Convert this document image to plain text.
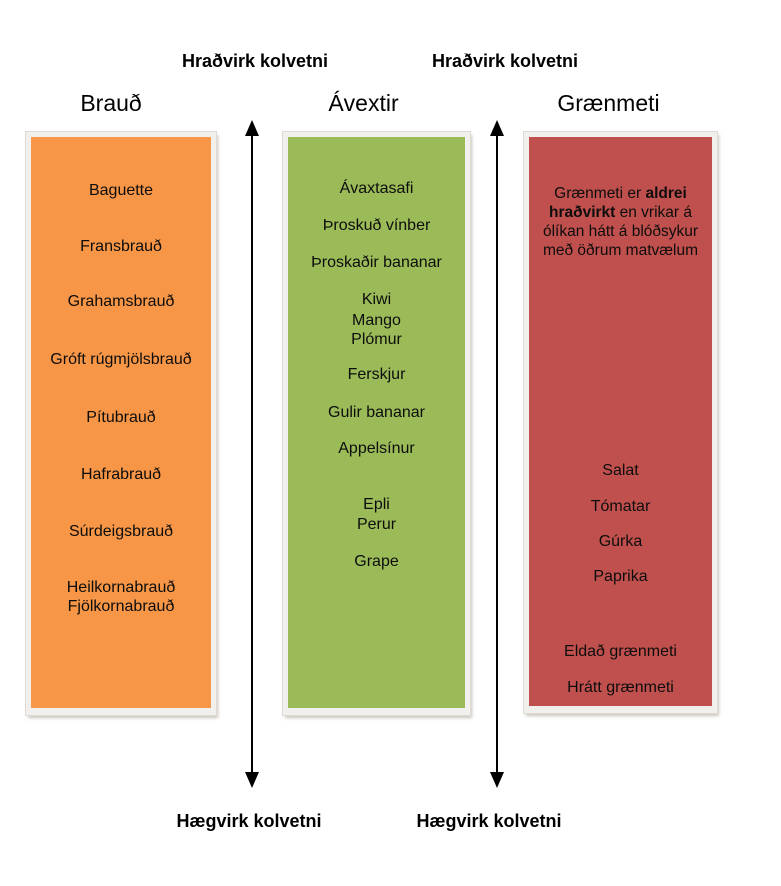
Hraðvirk kolvetni	Hraðvirk kolvetni
Brauð	Ávextir	Grænmeti
Baguette
Fransbrauð
Grahamsbrauð
Gróft rúgmjölsbrauð
Pítubrauð
Hafrabrauð
Súrdeigsbrauð
Heilkornabrauð
Fjölkornabrauð
Ávaxtasafi
Þroskuð vínber
Þroskaðir bananar
Kiwi
Mango
Plómur
Ferskjur
Gulir bananar
Appelsínur
Epli
Perur
Grape
Grænmeti er aldrei
hraðvirkt en vrikar á
ólíkan hátt á blóðsykur
með öðrum matvælum
Salat
Tómatar
Gúrka
Paprika
Eldað grænmeti
Hrátt grænmeti
Hægvirk kolvetni	Hægvirk kolvetni
